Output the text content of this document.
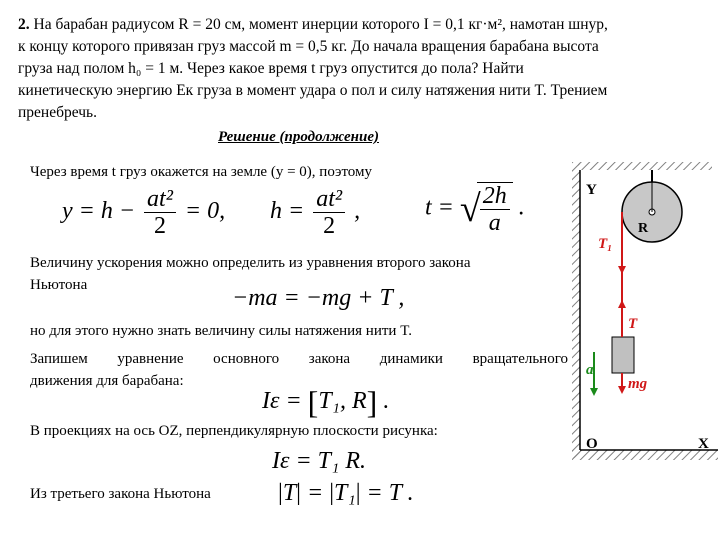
2. На барабан радиусом R = 20 см, момент инерции которого I = 0,1 кг·м², намотан шнур,
к концу которого привязан груз массой m = 0,5 кг. До начала вращения барабана высота
груза над полом h₀ = 1 м. Через какое время t груз опустится до пола? Найти
кинетическую энергию Eк груза в момент удара о пол и силу натяжения нити T. Трением
пренебречь.
Решение (продолжение)
Через время t груз окажется на земле (y = 0), поэтому
$y = h - \frac{\text{at²}}{2} = 0$, $h = \frac{\text{at²}}{2}$ ,	t = √ $\frac{2h}{a}$ .
Величину ускорения можно определить из уравнения второго закона
Ньютона	−ma = −mg + T ,
но для этого нужно знать величину силы натяжения нити T.
Запишем уравнение основного закона динамики вращательного
движения для барабана:
Iε = [T₁, R] .
В проекциях на ось OZ, перпендикулярную плоскости рисунка:
Iε = T₁ R.
Из третьего закона Ньютона	|T| = |T₁| = T .
Y
O	X
R
T₁
T
mg
a
